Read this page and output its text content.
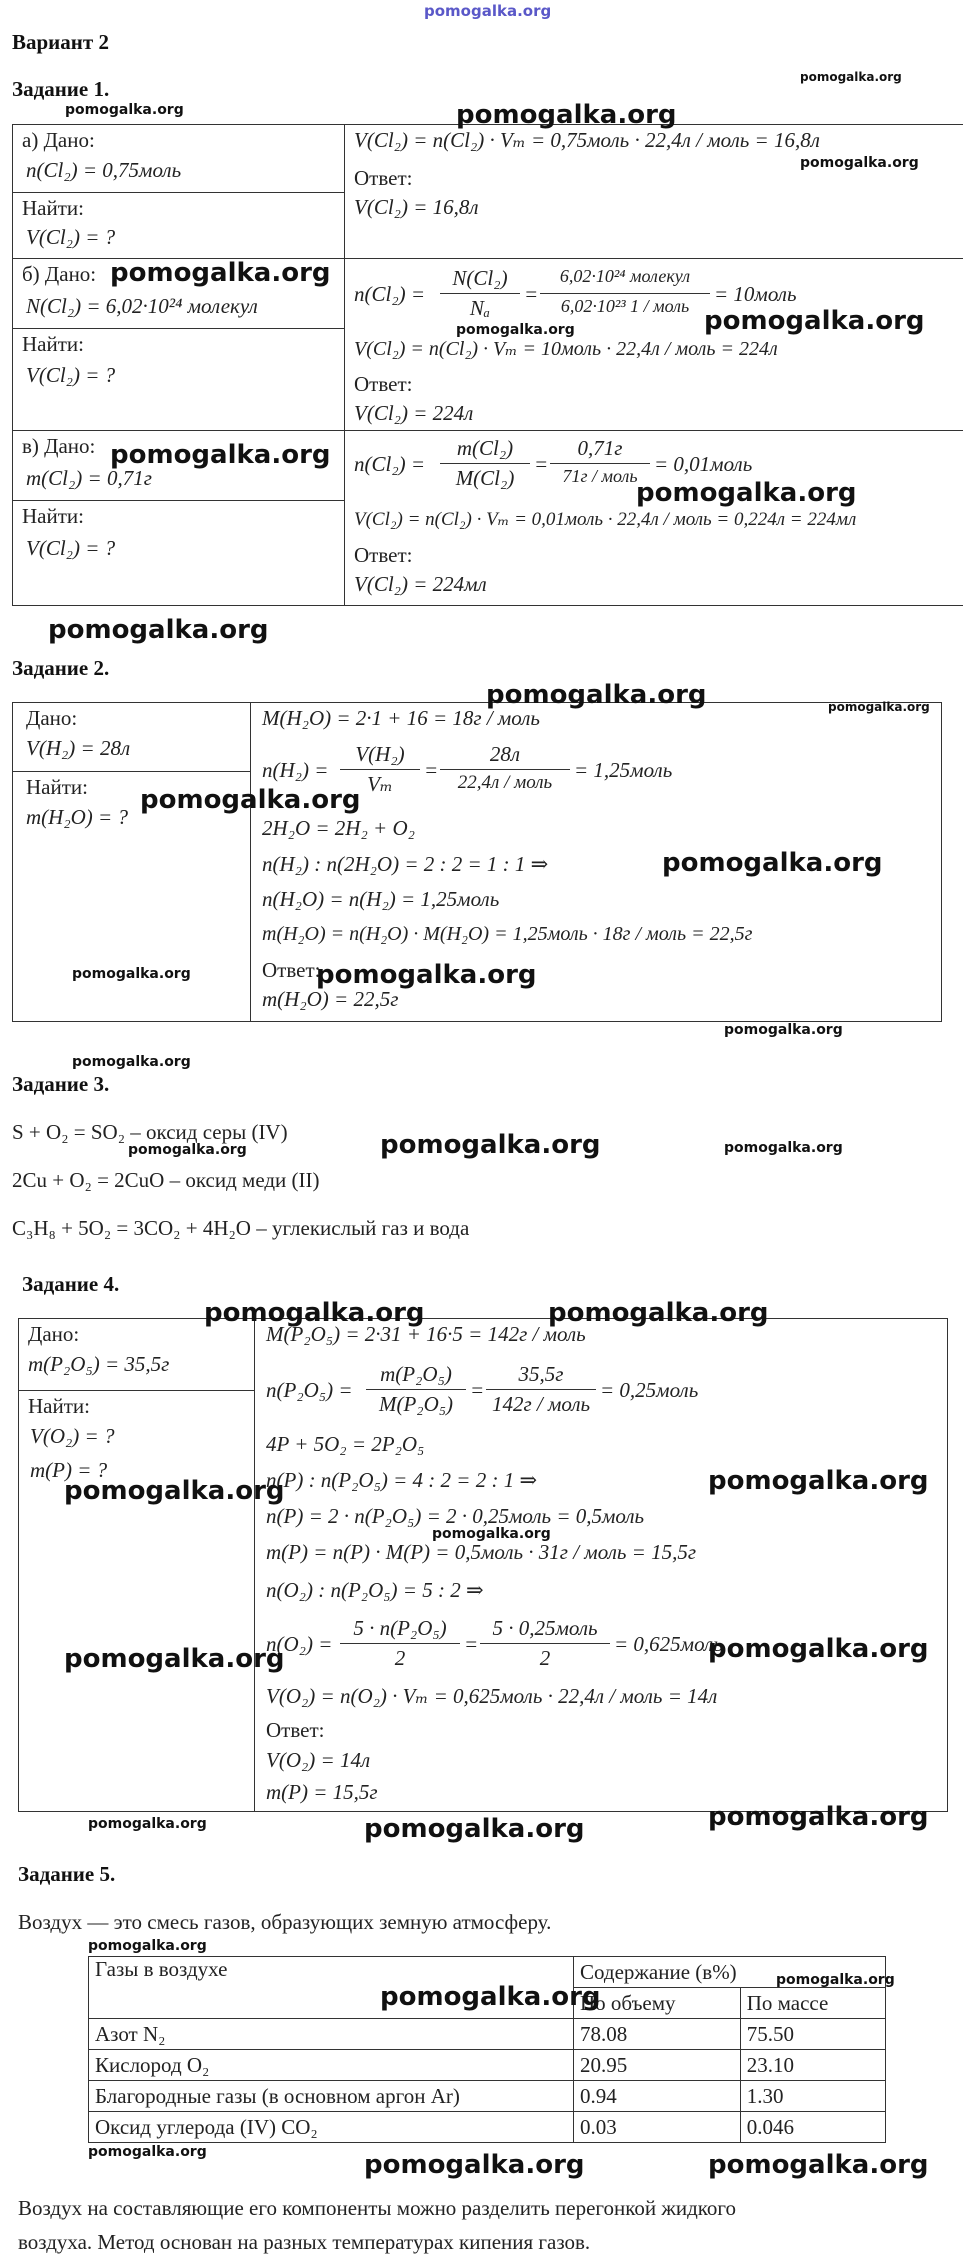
pomogalka.org
Вариант 2
Задание 1.
а) Дано:
n(Cl₂) = 0,75моль
Найти:
V(Cl₂) = ?
V(Cl₂) = n(Cl₂) · Vₘ = 0,75моль · 22,4л / моль = 16,8л
Ответ:
V(Cl₂) = 16,8л
б) Дано:
N(Cl₂) = 6,02·10²⁴ молекул
Найти:
V(Cl₂) = ?
n(Cl₂) =
N(Cl₂)
Nₐ
=
6,02·10²⁴ молекул
6,02·10²³ 1 / моль	= 10моль
V(Cl₂) = n(Cl₂) · Vₘ = 10моль · 22,4л / моль = 224л
Ответ:
V(Cl₂) = 224л
в) Дано:
m(Cl₂) = 0,71г
Найти:
V(Cl₂) = ?
n(Cl₂) =
m(Cl₂)
M(Cl₂)
=
0,71г
71г / моль = 0,01моль
V(Cl₂) = n(Cl₂) · Vₘ = 0,01моль · 22,4л / моль = 0,224л = 224мл
Ответ:
V(Cl₂) = 224мл
Задание 2.
Дано:
V(H₂) = 28л
Найти:
m(H₂O) = ?
M(H₂O) = 2·1 + 16 = 18г / моль
n(H₂) =
V(H₂)
Vₘ
=
28л
22,4л / моль
= 1,25моль
2H₂O = 2H₂ + O₂
n(H₂) : n(2H₂O) = 2 : 2 = 1 : 1 ⇒
n(H₂O) = n(H₂) = 1,25моль
m(H₂O) = n(H₂O) · M(H₂O) = 1,25моль · 18г / моль = 22,5г
Ответ:
m(H₂O) = 22,5г
Задание 3.
S + O₂ = SO₂ – оксид серы (IV)
2Cu + O₂ = 2CuO – оксид меди (II)
C₃H₈ + 5O₂ = 3CO₂ + 4H₂O – углекислый газ и вода
Задание 4.
Дано:
m(P₂O₅) = 35,5г
Найти:
V(O₂) = ?
m(P) = ?
M(P₂O₅) = 2·31 + 16·5 = 142г / моль
n(P₂O₅) =
m(P₂O₅)
M(P₂O₅)
=
35,5г
142г / моль
= 0,25моль
4P + 5O₂ = 2P₂O₅
n(P) : n(P₂O₅) = 4 : 2 = 2 : 1 ⇒
n(P) = 2 · n(P₂O₅) = 2 · 0,25моль = 0,5моль
m(P) = n(P) · M(P) = 0,5моль · 31г / моль = 15,5г
n(O₂) : n(P₂O₅) = 5 : 2 ⇒
n(O₂) =
5 · n(P₂O₅)
2
=
5 · 0,25моль
2
= 0,625моль
V(O₂) = n(O₂) · Vₘ = 0,625моль · 22,4л / моль = 14л
Ответ:
V(O₂) = 14л
m(P) = 15,5г
Задание 5.
Воздух — это смесь газов, образующих земную атмосферу.
Газы в воздухе	Содержание (в%)	
	По объему	По массе
Азот N₂	78.08	75.50
Кислород O₂	20.95	23.10
Благородные газы (в основном аргон Ar)	0.94	1.30
Оксид углерода (IV) CO₂	0.03	0.046
Воздух на составляющие его компоненты можно разделить перегонкой жидкого
воздуха. Метод основан на разных температурах кипения газов.
pomogalka.org	pomogalka.org
pomogalka.org
pomogalka.org
pomogalka.org
pomogalka.org	pomogalka.org
pomogalka.org
pomogalka.org
pomogalka.org
pomogalka.org	pomogalka.org
pomogalka.org
pomogalka.org
pomogalka.org	pomogalka.org
pomogalka.org
pomogalka.org
pomogalka.org	pomogalka.org	pomogalka.org
pomogalka.org	pomogalka.org
pomogalka.org	pomogalka.org
pomogalka.org
pomogalka.org	pomogalka.org
pomogalka.org	pomogalka.org	pomogalka.org
pomogalka.org
pomogalka.org
pomogalka.org
pomogalka.org	pomogalka.org	pomogalka.org
